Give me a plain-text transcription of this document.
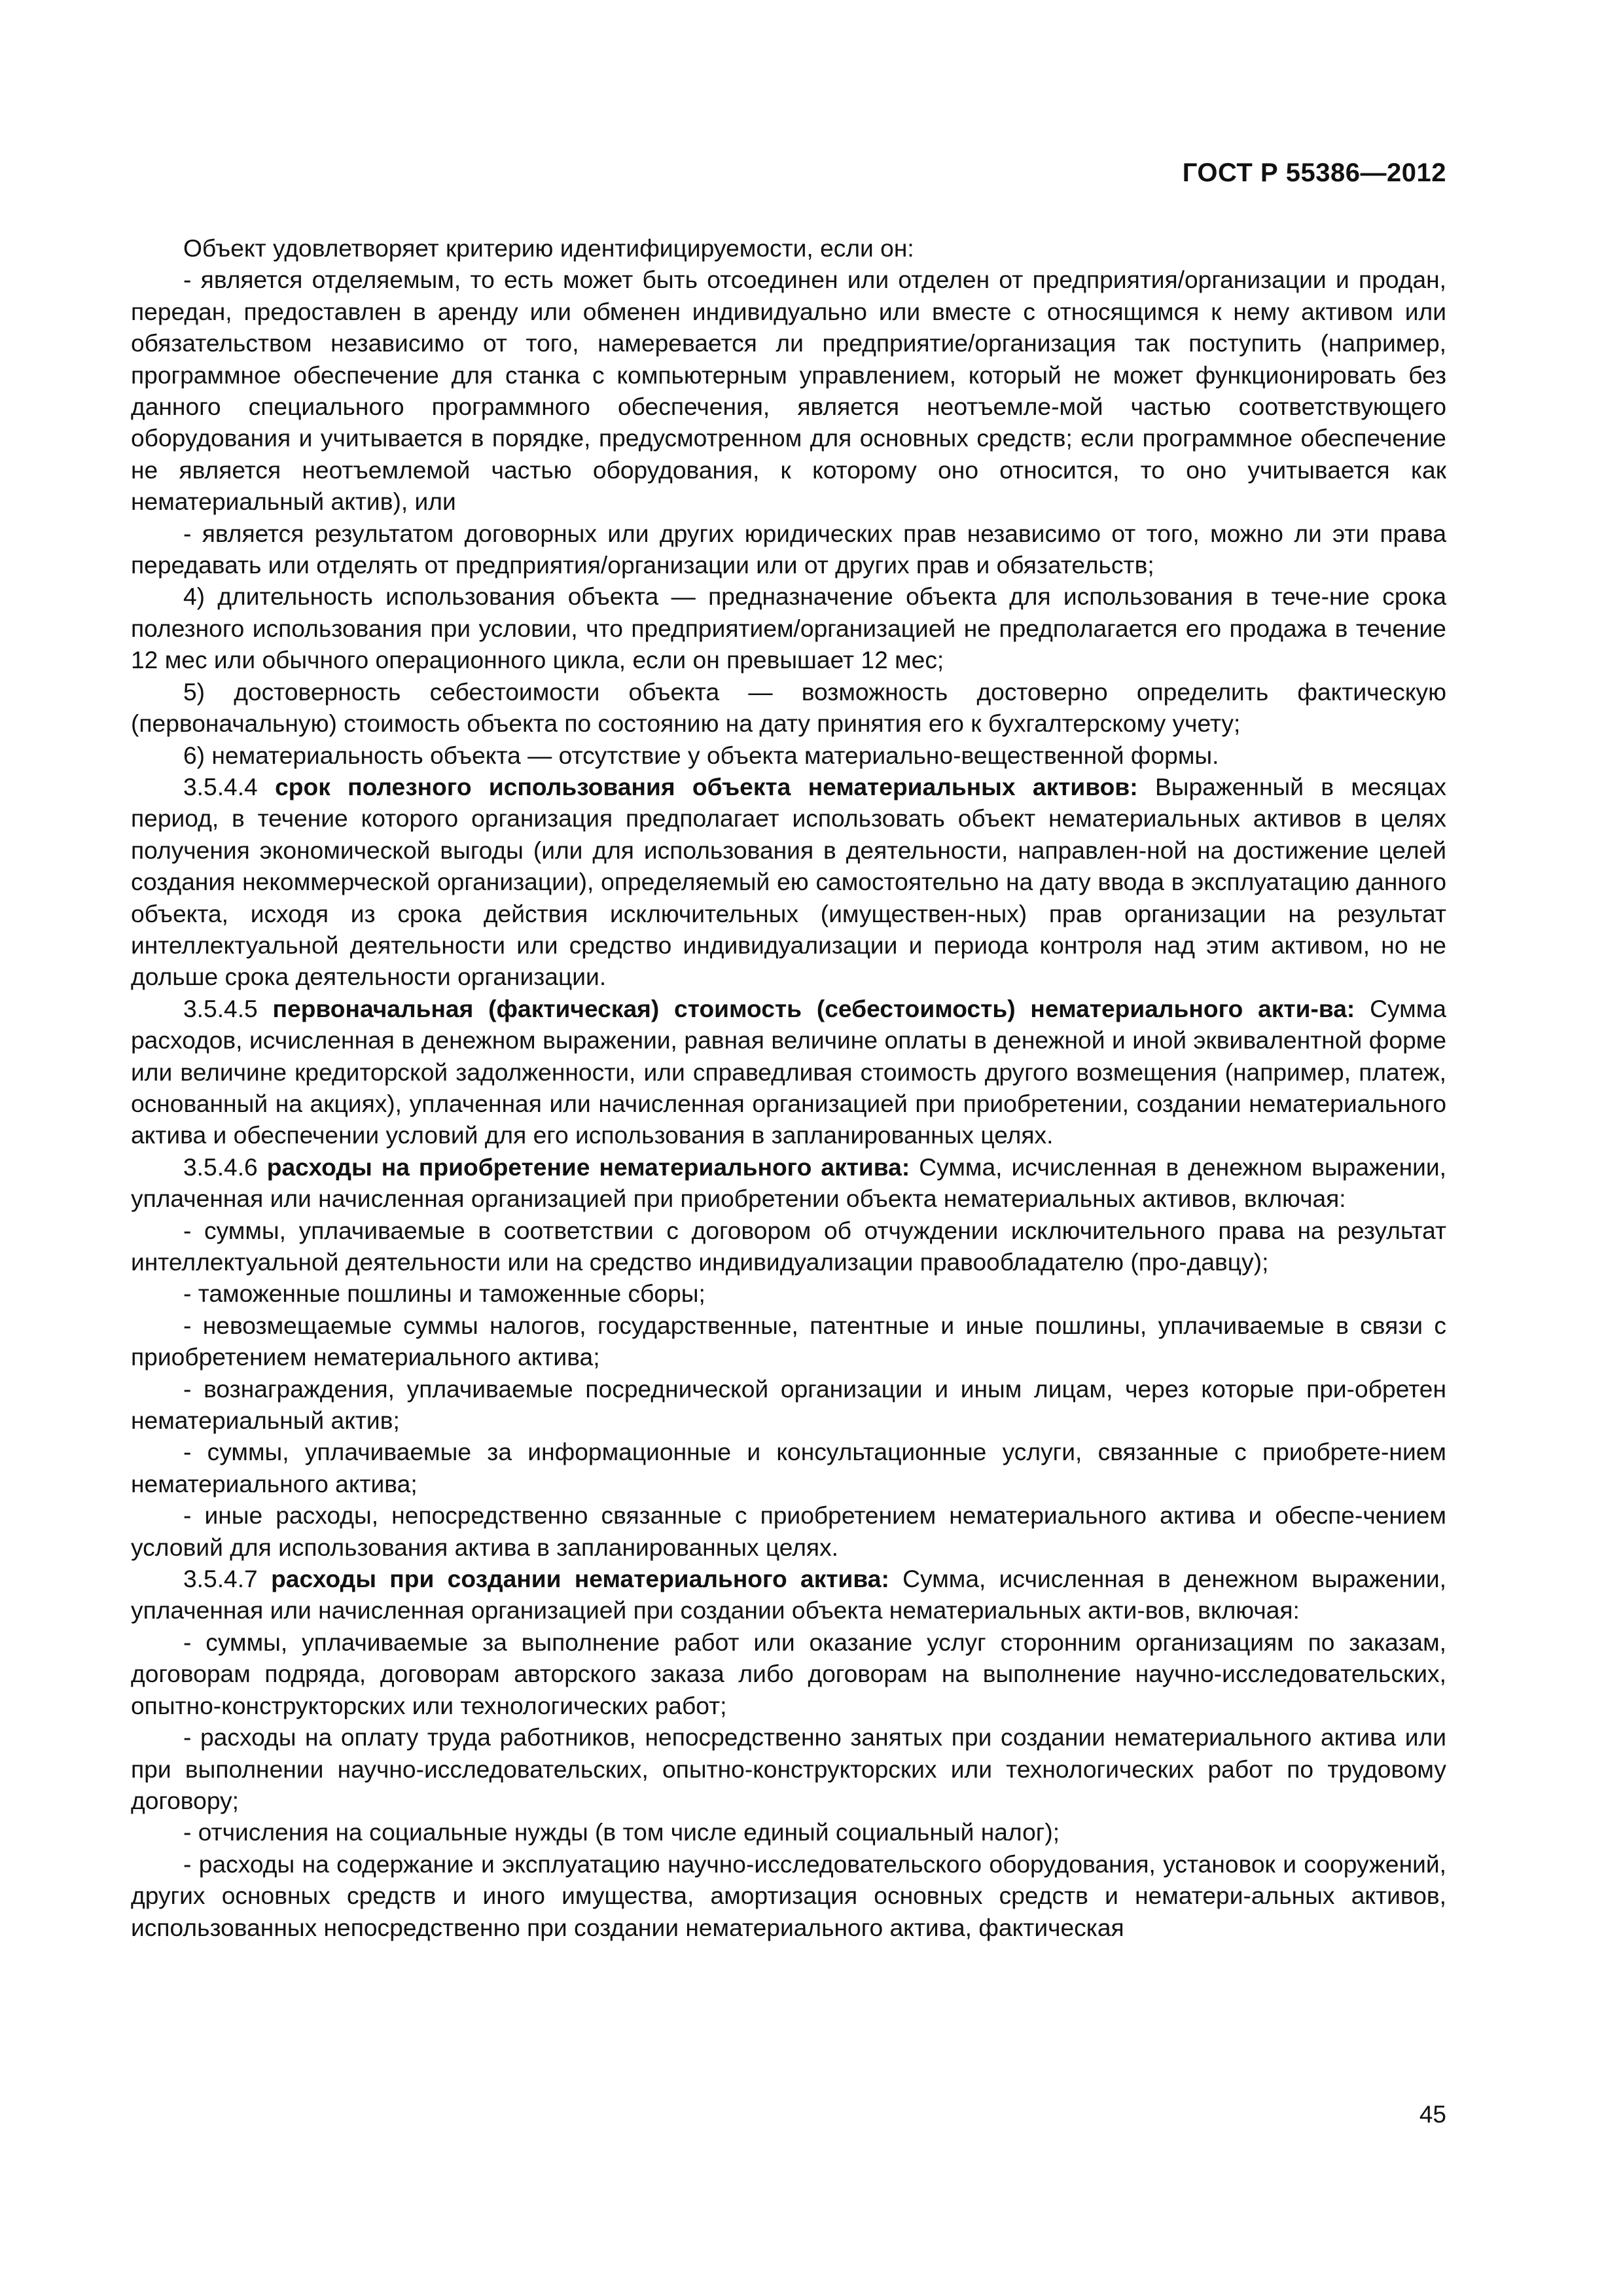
ГОСТ Р 55386—2012

Объект удовлетворяет критерию идентифицируемости, если он:

- является отделяемым, то есть может быть отсоединен или отделен от предприятия/организации и продан, передан, предоставлен в аренду или обменен индивидуально или вместе с относящимся к нему активом или обязательством независимо от того, намеревается ли предприятие/организация так поступить (например, программное обеспечение для станка с компьютерным управлением, который не может функционировать без данного специального программного обеспечения, является неотъемле-мой частью соответствующего оборудования и учитывается в порядке, предусмотренном для основных средств; если программное обеспечение не является неотъемлемой частью оборудования, к которому оно относится, то оно учитывается как нематериальный актив), или

- является результатом договорных или других юридических прав независимо от того, можно ли эти права передавать или отделять от предприятия/организации или от других прав и обязательств;

4) длительность использования объекта — предназначение объекта для использования в тече-ние срока полезного использования при условии, что предприятием/организацией не предполагается его продажа в течение 12 мес или обычного операционного цикла, если он превышает 12 мес;

5) достоверность себестоимости объекта — возможность достоверно определить фактическую (первоначальную) стоимость объекта по состоянию на дату принятия его к бухгалтерскому учету;

6) нематериальность объекта — отсутствие у объекта материально-вещественной формы.

3.5.4.4 срок полезного использования объекта нематериальных активов: Выраженный в месяцах период, в течение которого организация предполагает использовать объект нематериальных активов в целях получения экономической выгоды (или для использования в деятельности, направлен-ной на достижение целей создания некоммерческой организации), определяемый ею самостоятельно на дату ввода в эксплуатацию данного объекта, исходя из срока действия исключительных (имуществен-ных) прав организации на результат интеллектуальной деятельности или средство индивидуализации и периода контроля над этим активом, но не дольше срока деятельности организации.

3.5.4.5 первоначальная (фактическая) стоимость (себестоимость) нематериального акти-ва: Сумма расходов, исчисленная в денежном выражении, равная величине оплаты в денежной и иной эквивалентной форме или величине кредиторской задолженности, или справедливая стоимость другого возмещения (например, платеж, основанный на акциях), уплаченная или начисленная организацией при приобретении, создании нематериального актива и обеспечении условий для его использования в запланированных целях.

3.5.4.6 расходы на приобретение нематериального актива: Сумма, исчисленная в денежном выражении, уплаченная или начисленная организацией при приобретении объекта нематериальных активов, включая:

- суммы, уплачиваемые в соответствии с договором об отчуждении исключительного права на результат интеллектуальной деятельности или на средство индивидуализации правообладателю (про-давцу);

- таможенные пошлины и таможенные сборы;

- невозмещаемые суммы налогов, государственные, патентные и иные пошлины, уплачиваемые в связи с приобретением нематериального актива;

- вознаграждения, уплачиваемые посреднической организации и иным лицам, через которые при-обретен нематериальный актив;

- суммы, уплачиваемые за информационные и консультационные услуги, связанные с приобрете-нием нематериального актива;

- иные расходы, непосредственно связанные с приобретением нематериального актива и обеспе-чением условий для использования актива в запланированных целях.

3.5.4.7 расходы при создании нематериального актива: Сумма, исчисленная в денежном выражении, уплаченная или начисленная организацией при создании объекта нематериальных акти-вов, включая:

- суммы, уплачиваемые за выполнение работ или оказание услуг сторонним организациям по заказам, договорам подряда, договорам авторского заказа либо договорам на выполнение научно-исследовательских, опытно-конструкторских или технологических работ;

- расходы на оплату труда работников, непосредственно занятых при создании нематериального актива или при выполнении научно-исследовательских, опытно-конструкторских или технологических работ по трудовому договору;

- отчисления на социальные нужды (в том числе единый социальный налог);

- расходы на содержание и эксплуатацию научно-исследовательского оборудования, установок и сооружений, других основных средств и иного имущества, амортизация основных средств и нематери-альных активов, использованных непосредственно при создании нематериального актива, фактическая

45
